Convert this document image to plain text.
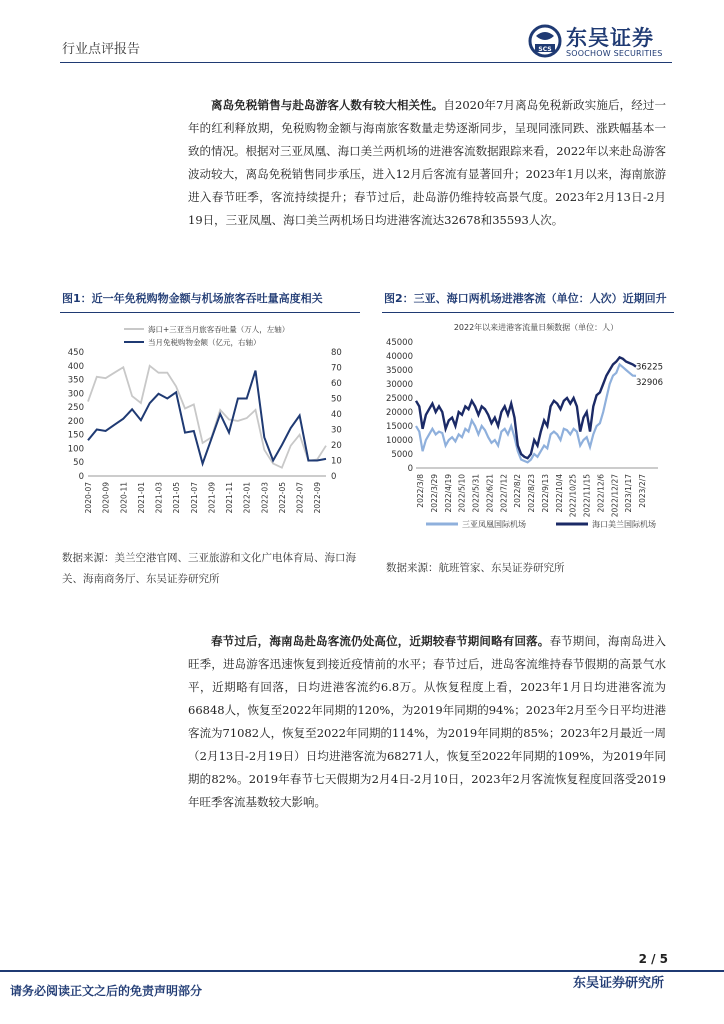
行业点评报告	SCS 东吴证券
SOOCHOW SECURITIES
离岛免税销售与赴岛游客人数有较大相关性。自2020年7月离岛免税新政实施后，经过一年的红利释放期，免税购物金额与海南旅客数量走势逐渐同步，呈现同涨同跌、涨跌幅基本一致的情况。根据对三亚凤凰、海口美兰两机场的进港客流数据跟踪来看，2022年以来赴岛游客波动较大，离岛免税销售同步承压，进入12月后客流有显著回升；2023年1月以来，海南旅游进入春节旺季，客流持续提升；春节过后，赴岛游仍维持较高景气度。2023年2月13日-2月19日，三亚凤凰、海口美兰两机场日均进港客流达32678和35593人次。
图1：近一年免税购物金额与机场旅客吞吐量高度相关	图2：三亚、海口两机场进港客流（单位：人次）近期回升
0
50
100
150
200
250
300
350
400
450
0
10
20
30
40
50
60
70
80
2020-07 2020-09 2020-11 2021-01 2021-03 2021-05 2021-07 2021-09 2021-11 2022-01 2022-03 2022-05 2022-07 2022-09
海口+三亚当月旅客吞吐量（万人，左轴）
当月免税购物金额（亿元，右轴）
2022年以来进港客流量日频数据（单位：人）
0
5000
10000
15000
20000
25000
30000
35000
40000
45000
2022/3/8 2022/3/29 2022/4/19 2022/5/10 2022/5/31 2022/6/21 2022/7/12 2022/8/2 2022/8/23 2022/9/13 2022/10/4 2022/10/25 2022/11/15 2022/12/6 2022/12/27 2023/1/17 2023/2/7
36225
32906
三亚凤凰国际机场	海口美兰国际机场
数据来源：美兰空港官网、三亚旅游和文化广电体育局、海口海关、海南商务厅、东吴证券研究所
数据来源：航班管家、东吴证券研究所
春节过后，海南岛赴岛客流仍处高位，近期较春节期间略有回落。春节期间，海南岛进入旺季，进岛游客迅速恢复到接近疫情前的水平；春节过后，进岛客流维持春节假期的高景气水平，近期略有回落，日均进港客流约6.8万。从恢复程度上看，2023年1月日均进港客流为66848人，恢复至2022年同期的120%，为2019年同期的94%；2023年2月至今日平均进港客流为71082人，恢复至2022年同期的114%，为2019年同期的85%；2023年2月最近一周（2月13日-2月19日）日均进港客流为68271人，恢复至2022年同期的109%，为2019年同期的82%。2019年春节七天假期为2月4日-2月10日，2023年2月客流恢复程度回落受2019年旺季客流基数较大影响。
2 / 5
请务必阅读正文之后的免责声明部分	东吴证券研究所
